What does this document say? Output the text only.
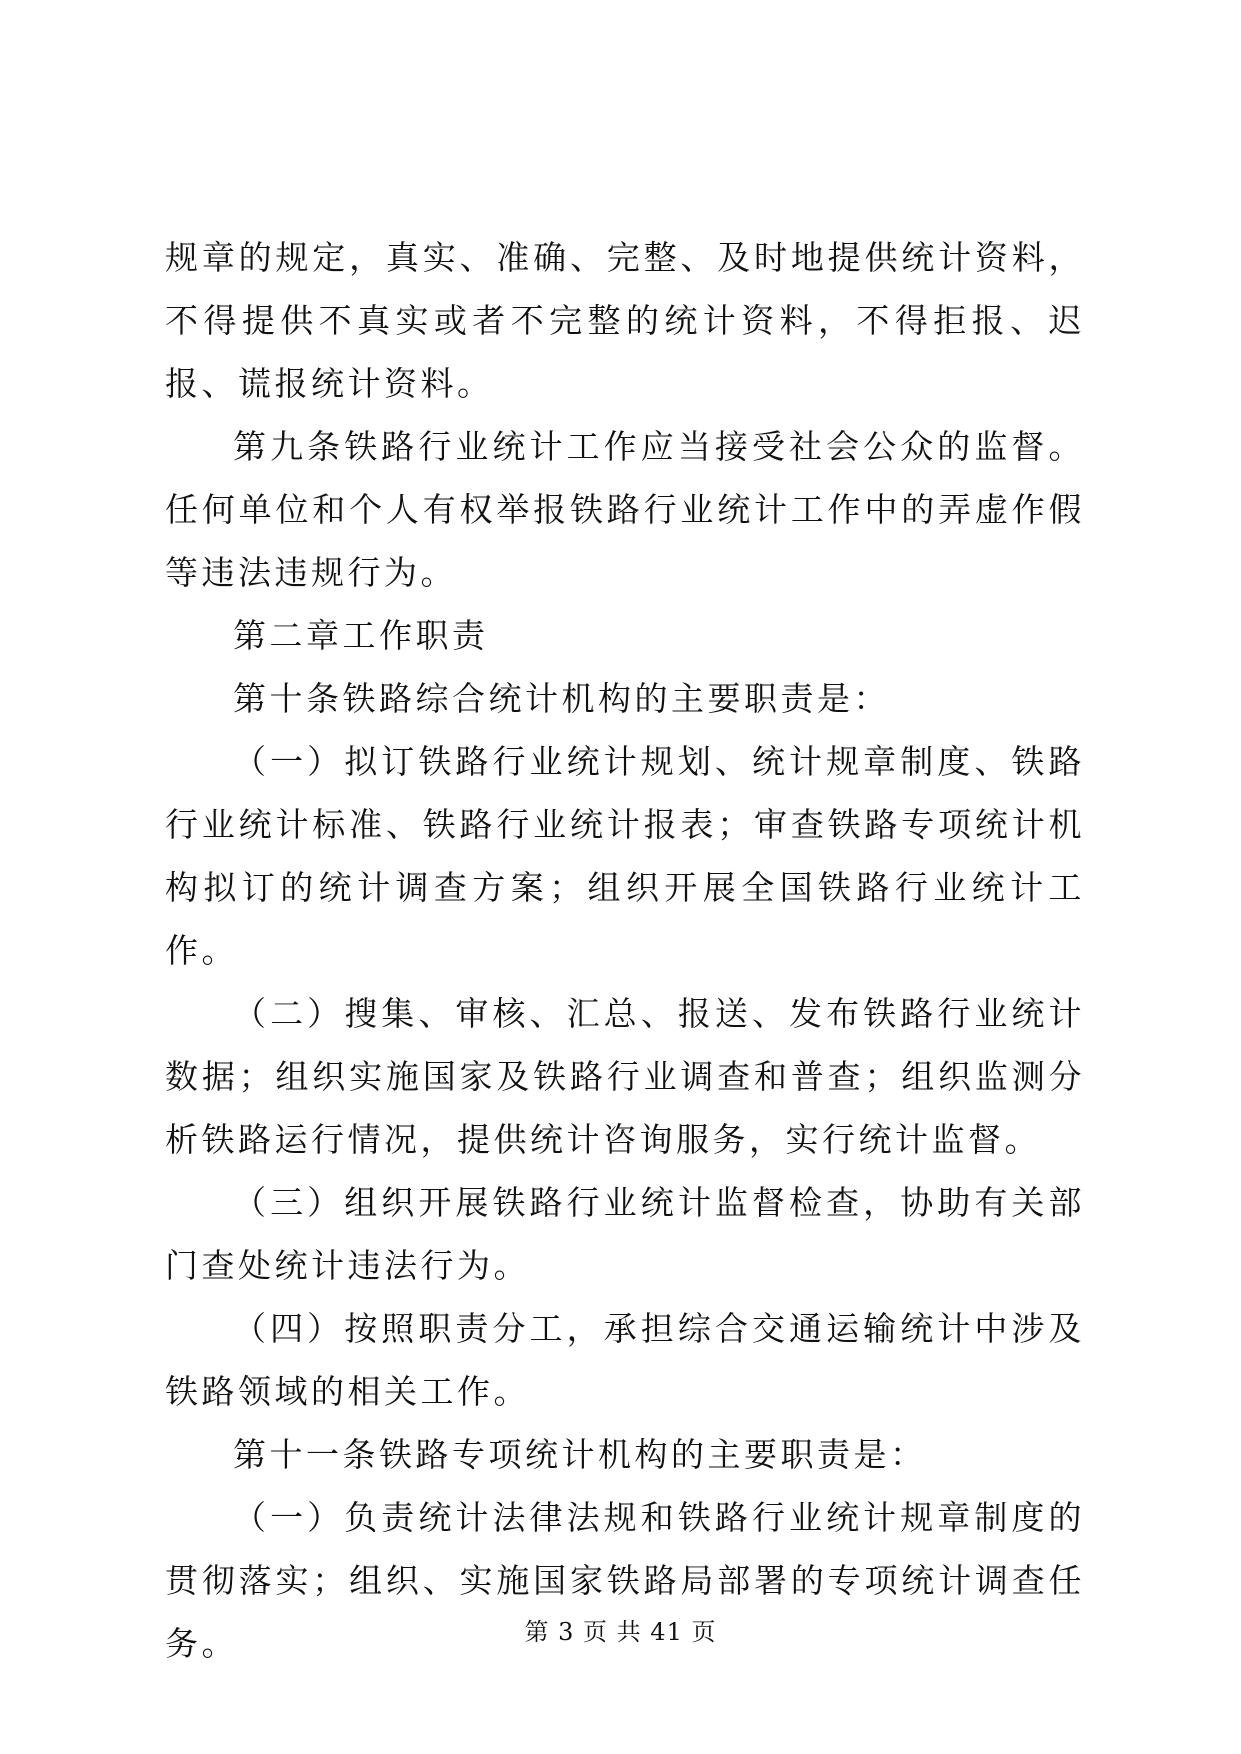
规章的规定，真实、准确、完整、及时地提供统计资料，不得提供不真实或者不完整的统计资料，不得拒报、迟报、谎报统计资料。

第九条铁路行业统计工作应当接受社会公众的监督。任何单位和个人有权举报铁路行业统计工作中的弄虚作假等违法违规行为。

第二章工作职责

第十条铁路综合统计机构的主要职责是：

（一）拟订铁路行业统计规划、统计规章制度、铁路行业统计标准、铁路行业统计报表；审查铁路专项统计机构拟订的统计调查方案；组织开展全国铁路行业统计工作。

（二）搜集、审核、汇总、报送、发布铁路行业统计数据；组织实施国家及铁路行业调查和普查；组织监测分析铁路运行情况，提供统计咨询服务，实行统计监督。

（三）组织开展铁路行业统计监督检查，协助有关部门查处统计违法行为。

（四）按照职责分工，承担综合交通运输统计中涉及铁路领域的相关工作。

第十一条铁路专项统计机构的主要职责是：

（一）负责统计法律法规和铁路行业统计规章制度的贯彻落实；组织、实施国家铁路局部署的专项统计调查任务。	第 3 页 共 41 页
